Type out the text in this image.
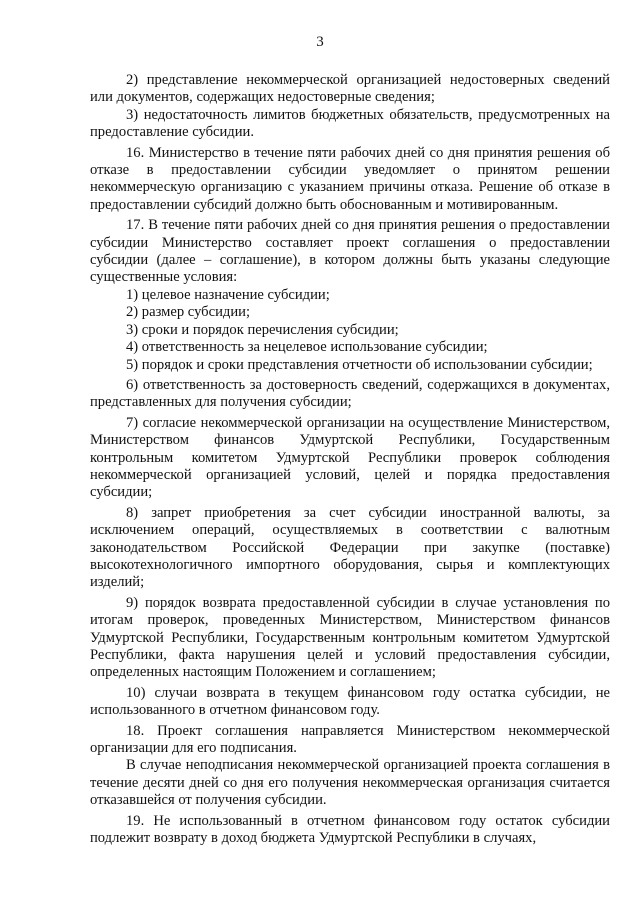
3

2) представление некоммерческой организацией недостоверных сведений или документов, содержащих недостоверные сведения;

3) недостаточность лимитов бюджетных обязательств, предусмотренных на предоставление субсидии.

16. Министерство в течение пяти рабочих дней со дня принятия решения об отказе в предоставлении субсидии уведомляет о принятом решении некоммерческую организацию с указанием причины отказа. Решение об отказе в предоставлении субсидий должно быть обоснованным и мотивированным.

17. В течение пяти рабочих дней со дня принятия решения о предоставлении субсидии Министерство составляет проект соглашения о предоставлении субсидии (далее – соглашение), в котором должны быть указаны следующие существенные условия:

1) целевое назначение субсидии;

2) размер субсидии;

3) сроки и порядок перечисления субсидии;

4) ответственность за нецелевое использование субсидии;

5) порядок и сроки представления отчетности об использовании субсидии;

6) ответственность за достоверность сведений, содержащихся в документах, представленных для получения субсидии;

7) согласие некоммерческой организации на осуществление Министерством, Министерством финансов Удмуртской Республики, Государственным контрольным комитетом Удмуртской Республики проверок соблюдения некоммерческой организацией условий, целей и порядка предоставления субсидии;

8) запрет приобретения за счет субсидии иностранной валюты, за исключением операций, осуществляемых в соответствии с валютным законодательством Российской Федерации при закупке (поставке) высокотехнологичного импортного оборудования, сырья и комплектующих изделий;

9) порядок возврата предоставленной субсидии в случае установления по итогам проверок, проведенных Министерством, Министерством финансов Удмуртской Республики, Государственным контрольным комитетом Удмуртской Республики, факта нарушения целей и условий предоставления субсидии, определенных настоящим Положением и соглашением;

10) случаи возврата в текущем финансовом году остатка субсидии, не использованного в отчетном финансовом году.

18. Проект соглашения направляется Министерством некоммерческой организации для его подписания.

В случае неподписания некоммерческой организацией проекта соглашения в течение десяти дней со дня его получения некоммерческая организация считается отказавшейся от получения субсидии.

19. Не использованный в отчетном финансовом году остаток субсидии подлежит возврату в доход бюджета Удмуртской Республики в случаях,
